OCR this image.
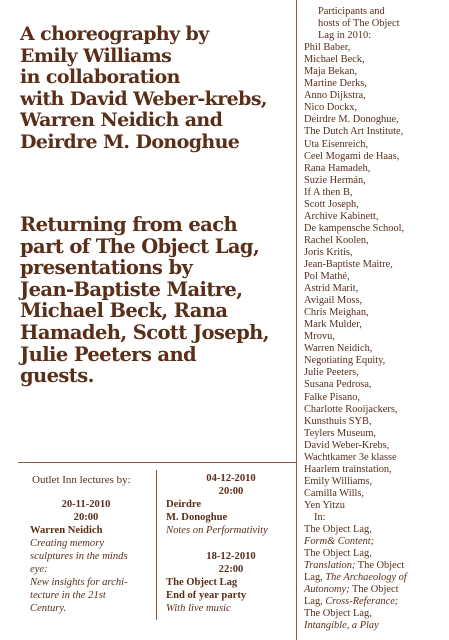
A choreography by
Emily Williams
in collaboration
with David Weber-krebs,
Warren Neidich and
Deirdre M. Donoghue
Returning from each
part of The Object Lag,
presentations by
Jean-Baptiste Maitre,
Michael Beck, Rana
Hamadeh, Scott Joseph,
Julie Peeters and
guests.
Participants and
hosts of The Object
Lag in 2010:
Phil Baber,
Michael Beck,
Maja Bekan,
Martine Derks,
Anno Dijkstra,
Nico Dockx,
Deirdre M. Donoghue,
The Dutch Art Institute,
Uta Eisenreich,
Ceel Mogami de Haas,
Rana Hamadeh,
Suzie Hermán,
If A then B,
Scott Joseph,
Archive Kabinett,
De kampensche School,
Rachel Koolen,
Joris Kritis,
Jean-Baptiste Maitre,
Pol Mathé,
Astrid Marit,
Avigail Moss,
Chris Meighan,
Mark Mulder,
Mrovu,
Warren Neidich,
Negotiating Equity,
Julie Peeters,
Susana Pedrosa,
Falke Pisano,
Charlotte Rooijackers,
Kunsthuis SYB,
Teylers Museum,
David Weber-Krebs,
Wachtkamer 3e klasse
Haarlem trainstation,
Emily Williams,
Camilla Wills,
Yen Yitzu
In:
The Object Lag,
Form& Content;
The Object Lag,
Translation; The Object
Lag, The Archaeology of
Autonomy; The Object
Lag, Cross-Referance;
The Object Lag,
Intangible, a Play
Outlet Inn lectures by:
20-11-2010
20:00
Warren Neidich
Creating memory
sculptures in the minds eye:
New insights for archi-
tecture in the 21st Century.
04-12-2010
20:00
Deirdre
M. Donoghue
Notes on Performativity
18-12-2010
22:00
The Object Lag
End of year party
With live music
